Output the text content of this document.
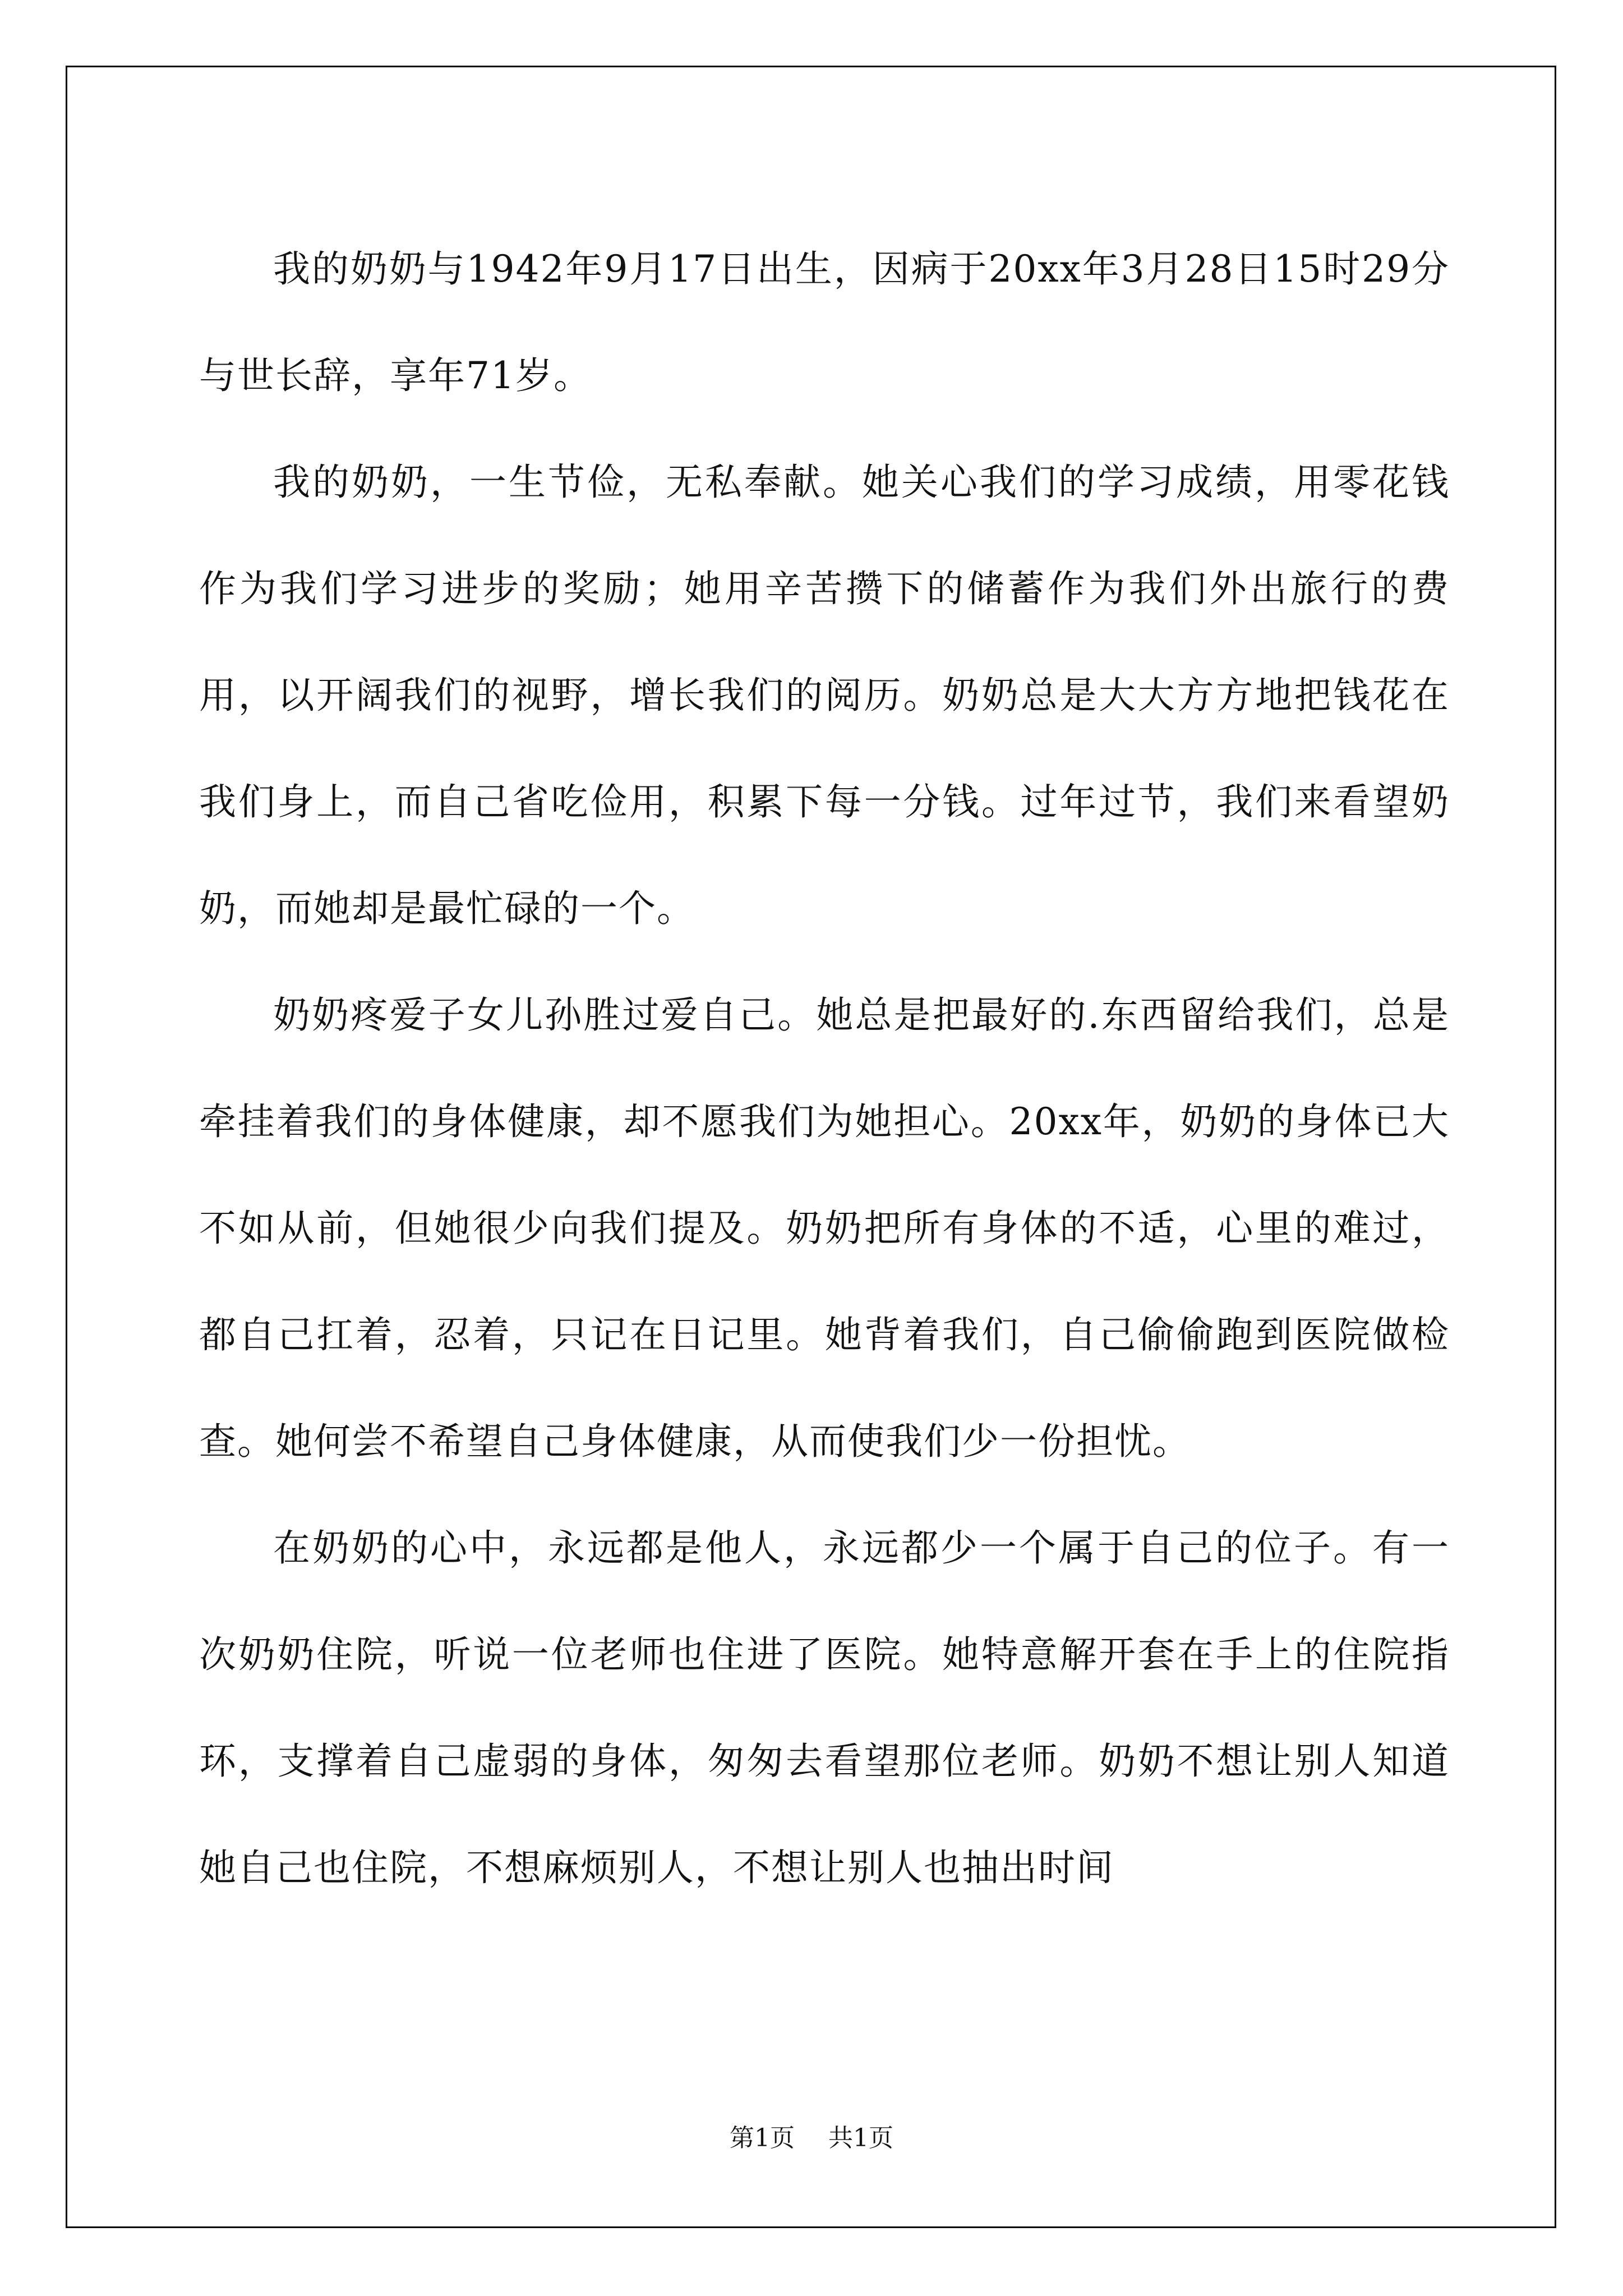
我的奶奶与1942年9月17日出生，因病于20xx年3月28日15时29分与世长辞，享年71岁。

我的奶奶，一生节俭，无私奉献。她关心我们的学习成绩，用零花钱作为我们学习进步的奖励；她用辛苦攒下的储蓄作为我们外出旅行的费用，以开阔我们的视野，增长我们的阅历。奶奶总是大大方方地把钱花在我们身上，而自己省吃俭用，积累下每一分钱。过年过节，我们来看望奶奶，而她却是最忙碌的一个。

奶奶疼爱子女儿孙胜过爱自己。她总是把最好的.东西留给我们，总是牵挂着我们的身体健康，却不愿我们为她担心。20xx年，奶奶的身体已大不如从前，但她很少向我们提及。奶奶把所有身体的不适，心里的难过，都自己扛着，忍着，只记在日记里。她背着我们，自己偷偷跑到医院做检查。她何尝不希望自己身体健康，从而使我们少一份担忧。

在奶奶的心中，永远都是他人，永远都少一个属于自己的位子。有一次奶奶住院，听说一位老师也住进了医院。她特意解开套在手上的住院指环，支撑着自己虚弱的身体，匆匆去看望那位老师。奶奶不想让别人知道她自己也住院，不想麻烦别人，不想让别人也抽出时间

第1页 共1页
